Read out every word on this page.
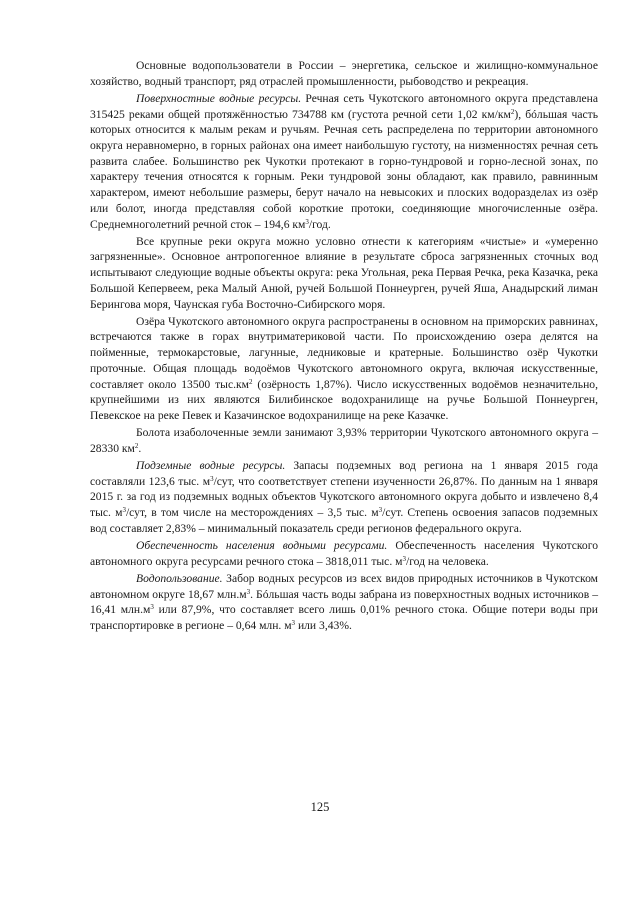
Основные водопользователи в России – энергетика, сельское и жилищно-коммунальное хозяйство, водный транспорт, ряд отраслей промышленности, рыбоводство и рекреация.

Поверхностные водные ресурсы. Речная сеть Чукотского автономного округа представлена 315425 реками общей протяжённостью 734788 км (густота речной сети 1,02 $км/км^2$), бóльшая часть которых относится к малым рекам и ручьям. Речная сеть распределена по территории автономного округа неравномерно, в горных районах она имеет наибольшую густоту, на низменностях речная сеть развита слабее. Большинство рек Чукотки протекают в горно-тундровой и горно-лесной зонах, по характеру течения относятся к горным. Реки тундровой зоны обладают, как правило, равнинным характером, имеют небольшие размеры, берут начало на невысоких и плоских водоразделах из озёр или болот, иногда представляя собой короткие протоки, соединяющие многочисленные озёра. Среднемноголетний речной сток – 194,6 $км^3$/год.

Все крупные реки округа можно условно отнести к категориям «чистые» и «умеренно загрязненные». Основное антропогенное влияние в результате сброса загрязненных сточных вод испытывают следующие водные объекты округа: река Угольная, река Первая Речка, река Казачка, река Большой Кепервеем, река Малый Анюй, ручей Большой Поннеурген, ручей Яша, Анадырский лиман Берингова моря, Чаунская губа Восточно-Сибирского моря.

Озёра Чукотского автономного округа распространены в основном на приморских равнинах, встречаются также в горах внутриматериковой части. По происхождению озера делятся на пойменные, термокарстовые, лагунные, ледниковые и кратерные. Большинство озёр Чукотки проточные. Общая площадь водоёмов Чукотского автономного округа, включая искусственные, составляет около 13500 $тыс.км^2$ (озёрность 1,87%). Число искусственных водоёмов незначительно, крупнейшими из них являются Билибинское водохранилище на ручье Большой Поннеурген, Певекское на реке Певек и Казачинское водохранилище на реке Казачке.

Болота изаболоченные земли занимают 3,93% территории Чукотского автономного округа – 28330 $км^2$.

Подземные водные ресурсы. Запасы подземных вод региона на 1 января 2015 года составляли 123,6 тыс. $м^3$/сут, что соответствует степени изученности 26,87%. По данным на 1 января 2015 г. за год из подземных водных объектов Чукотского автономного округа добыто и извлечено 8,4 тыс. $м^3$/сут, в том числе на месторождениях – 3,5 тыс. $м^3$/сут. Степень освоения запасов подземных вод составляет 2,83% – минимальный показатель среди регионов федерального округа.

Обеспеченность населения водными ресурсами. Обеспеченность населения Чукотского автономного округа ресурсами речного стока – 3818,011 тыс. $м^3$/год на человека.

Водопользование. Забор водных ресурсов из всех видов природных источников в Чукотском автономном округе 18,67 $млн.м^3$. Бóльшая часть воды забрана из поверхностных водных источников – 16,41 $млн.м^3$ или 87,9%, что составляет всего лишь 0,01% речного стока. Общие потери воды при транспортировке в регионе – 0,64 млн. $м^3$ или 3,43%.

125
